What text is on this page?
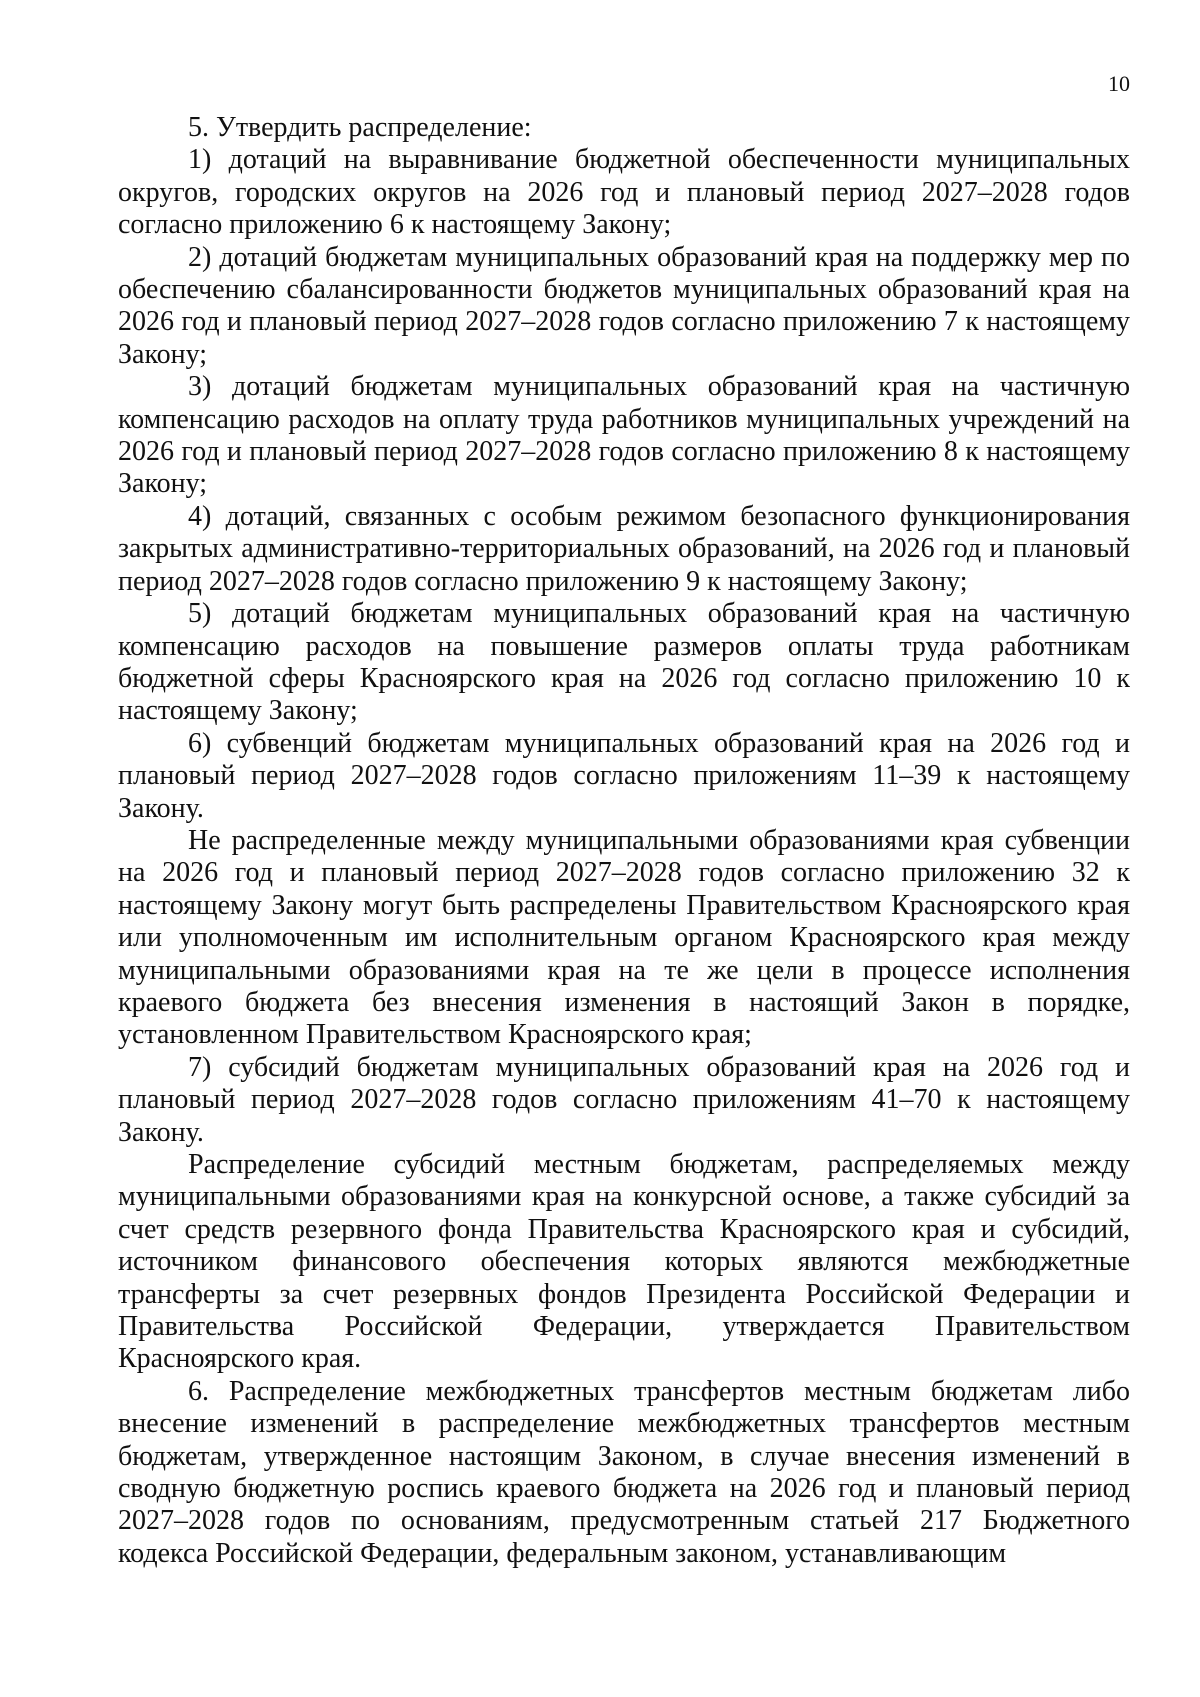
10

5. Утвердить распределение:

1) дотаций на выравнивание бюджетной обеспеченности муниципальных округов, городских округов на 2026 год и плановый период 2027–2028 годов согласно приложению 6 к настоящему Закону;

2) дотаций бюджетам муниципальных образований края на поддержку мер по обеспечению сбалансированности бюджетов муниципальных образований края на 2026 год и плановый период 2027–2028 годов согласно приложению 7 к настоящему Закону;

3) дотаций бюджетам муниципальных образований края на частичную компенсацию расходов на оплату труда работников муниципальных учреждений на 2026 год и плановый период 2027–2028 годов согласно приложению 8 к настоящему Закону;

4) дотаций, связанных с особым режимом безопасного функционирования закрытых административно-территориальных образований, на 2026 год и плановый период 2027–2028 годов согласно приложению 9 к настоящему Закону;

5) дотаций бюджетам муниципальных образований края на частичную компенсацию расходов на повышение размеров оплаты труда работникам бюджетной сферы Красноярского края на 2026 год согласно приложению 10 к настоящему Закону;

6) субвенций бюджетам муниципальных образований края на 2026 год и плановый период 2027–2028 годов согласно приложениям 11–39 к настоящему Закону.

Не распределенные между муниципальными образованиями края субвенции на 2026 год и плановый период 2027–2028 годов согласно приложению 32 к настоящему Закону могут быть распределены Правительством Красноярского края или уполномоченным им исполнительным органом Красноярского края между муниципальными образованиями края на те же цели в процессе исполнения краевого бюджета без внесения изменения в настоящий Закон в порядке, установленном Правительством Красноярского края;

7) субсидий бюджетам муниципальных образований края на 2026 год и плановый период 2027–2028 годов согласно приложениям 41–70 к настоящему Закону.

Распределение субсидий местным бюджетам, распределяемых между муниципальными образованиями края на конкурсной основе, а также субсидий за счет средств резервного фонда Правительства Красноярского края и субсидий, источником финансового обеспечения которых являются межбюджетные трансферты за счет резервных фондов Президента Российской Федерации и Правительства Российской Федерации, утверждается Правительством Красноярского края.

6. Распределение межбюджетных трансфертов местным бюджетам либо внесение изменений в распределение межбюджетных трансфертов местным бюджетам, утвержденное настоящим Законом, в случае внесения изменений в сводную бюджетную роспись краевого бюджета на 2026 год и плановый период 2027–2028 годов по основаниям, предусмотренным статьей 217 Бюджетного кодекса Российской Федерации, федеральным законом, устанавливающим
